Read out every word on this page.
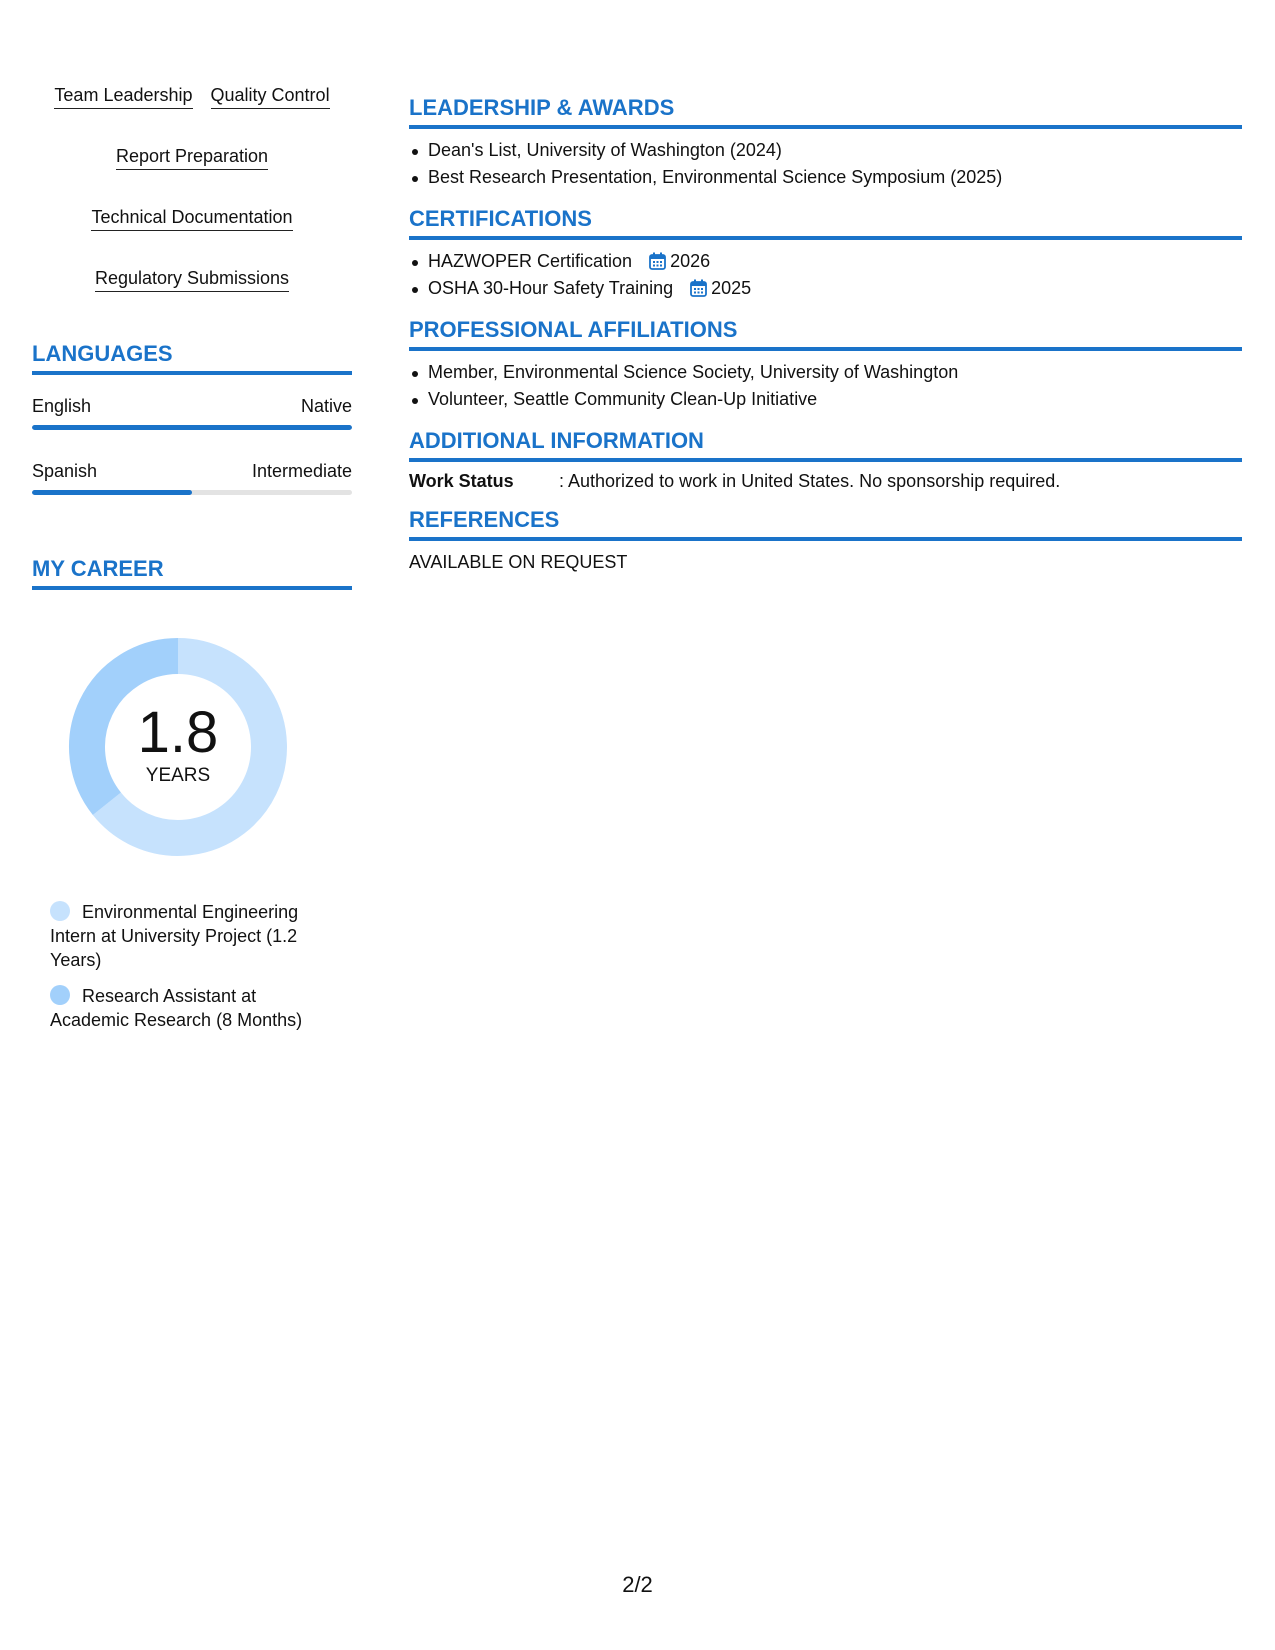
Team Leadership Quality Control
Report Preparation
Technical Documentation
Regulatory Submissions
LANGUAGES
English	Native
Spanish	Intermediate
MY CAREER
1.8
YEARS
Environmental Engineering Intern at University Project (1.2 Years)
Research Assistant at Academic Research (8 Months)
LEADERSHIP & AWARDS
Dean's List, University of Washington (2024)
Best Research Presentation, Environmental Science Symposium (2025)
CERTIFICATIONS
HAZWOPER Certification 2026
OSHA 30-Hour Safety Training 2025
PROFESSIONAL AFFILIATIONS
Member, Environmental Science Society, University of Washington
Volunteer, Seattle Community Clean-Up Initiative
ADDITIONAL INFORMATION
Work Status	: Authorized to work in United States. No sponsorship required.
REFERENCES
AVAILABLE ON REQUEST
2/2
